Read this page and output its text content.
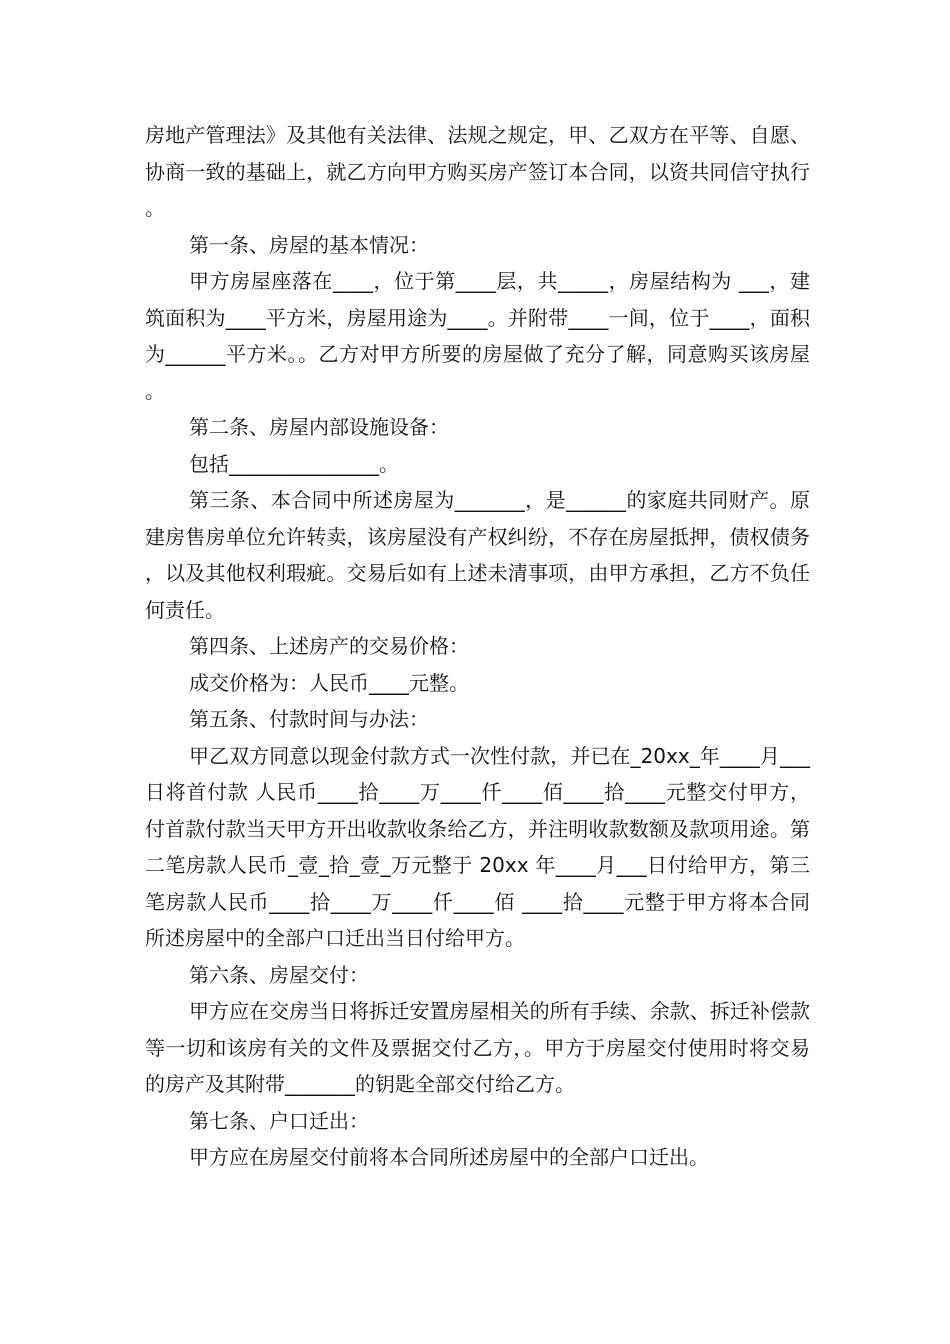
房地产管理法》及其他有关法律、法规之规定，甲、乙双方在平等、自愿、协商一致的基础上，就乙方向甲方购买房产签订本合同，以资共同信守执行。

第一条、房屋的基本情况：

甲方房屋座落在____，位于第____层，共_____，房屋结构为 ___，建筑面积为____平方米，房屋用途为____。并附带____一间，位于____，面积为______平方米。。乙方对甲方所要的房屋做了充分了解，同意购买该房屋。

第二条、房屋内部设施设备：

包括_______________。

第三条、本合同中所述房屋为_______，是______的家庭共同财产。原建房售房单位允许转卖，该房屋没有产权纠纷，不存在房屋抵押，债权债务，以及其他权利瑕疵。交易后如有上述未清事项，由甲方承担，乙方不负任何责任。

第四条、上述房产的交易价格：

成交价格为：人民币____元整。

第五条、付款时间与办法：

甲乙双方同意以现金付款方式一次性付款，并已在_20xx_年____月___日将首付款 人民币____拾____万____仟____佰____拾____元整交付甲方，付首款付款当天甲方开出收款收条给乙方，并注明收款数额及款项用途。第二笔房款人民币_壹_拾_壹_万元整于 20xx 年____月___日付给甲方，第三笔房款人民币____拾____万____仟____佰 ____拾____元整于甲方将本合同所述房屋中的全部户口迁出当日付给甲方。

第六条、房屋交付：

甲方应在交房当日将拆迁安置房屋相关的所有手续、余款、拆迁补偿款等一切和该房有关的文件及票据交付乙方，。甲方于房屋交付使用时将交易的房产及其附带_______的钥匙全部交付给乙方。

第七条、户口迁出：

甲方应在房屋交付前将本合同所述房屋中的全部户口迁出。
